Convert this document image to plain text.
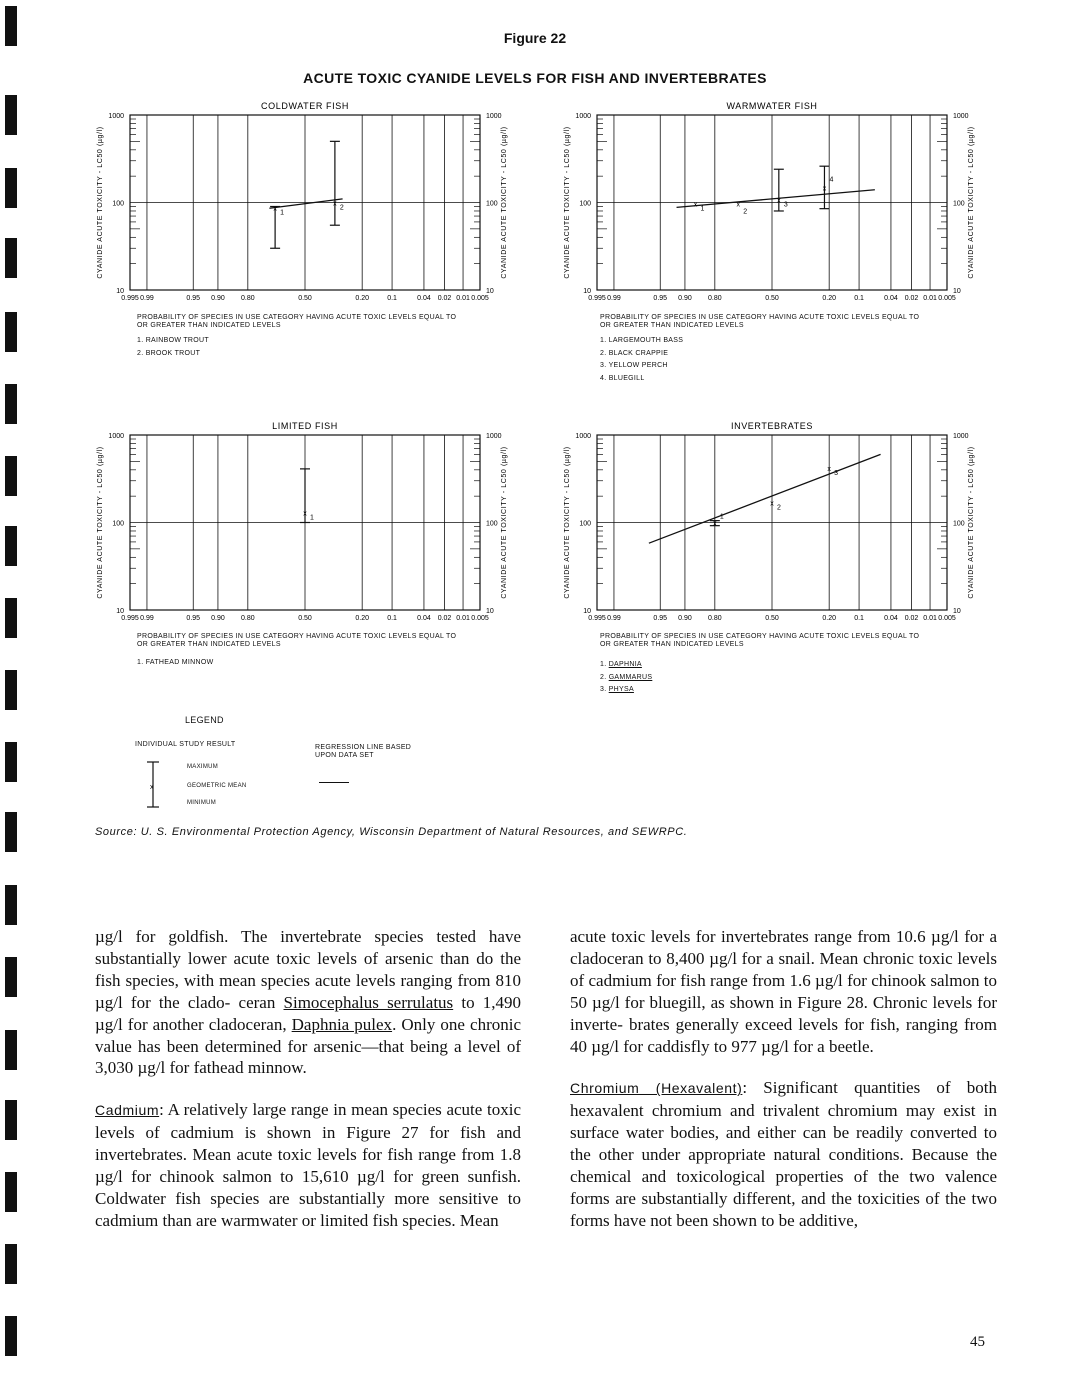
Figure 22
ACUTE TOXIC CYANIDE LEVELS FOR FISH AND INVERTEBRATES
COLDWATER FISH
0.995 0.99	0.95 0.90 0.80	0.50	0.20	0.1	0.04 0.02 0.01 0.005
1000	1000
100	100
10	10
CYANIDE ACUTE TOXICITY - LC50 (µg/l)	CYANIDE ACUTE TOXICITY - LC50 (µg/l)
x
1
x
2
WARMWATER FISH
0.995 0.99	0.95 0.90 0.80	0.50	0.20	0.1	0.04 0.02 0.01 0.005
1000	1000
100	100
10	10
CYANIDE ACUTE TOXICITY - LC50 (µg/l)	CYANIDE ACUTE TOXICITY - LC50 (µg/l)
x
1
x
2
x
3
x
4
LIMITED FISH
0.995 0.99	0.95 0.90 0.80	0.50	0.20	0.1	0.04 0.02 0.01 0.005
1000	1000
100	100
10	10
CYANIDE ACUTE TOXICITY - LC50 (µg/l)	CYANIDE ACUTE TOXICITY - LC50 (µg/l)
x
1
INVERTEBRATES
0.995 0.99	0.95 0.90 0.80	0.50	0.20	0.1	0.04 0.02 0.01 0.005
1000	1000
100	100
10	10
CYANIDE ACUTE TOXICITY - LC50 (µg/l)	CYANIDE ACUTE TOXICITY - LC50 (µg/l)
x
1
x
2
x
3
PROBABILITY OF SPECIES IN USE CATEGORY HAVING ACUTE TOXIC LEVELS EQUAL TO
OR GREATER THAN INDICATED LEVELS
PROBABILITY OF SPECIES IN USE CATEGORY HAVING ACUTE TOXIC LEVELS EQUAL TO
OR GREATER THAN INDICATED LEVELS
PROBABILITY OF SPECIES IN USE CATEGORY HAVING ACUTE TOXIC LEVELS EQUAL TO
OR GREATER THAN INDICATED LEVELS
PROBABILITY OF SPECIES IN USE CATEGORY HAVING ACUTE TOXIC LEVELS EQUAL TO
OR GREATER THAN INDICATED LEVELS
1. RAINBOW TROUT
2. BROOK TROUT
1. LARGEMOUTH BASS
2. BLACK CRAPPIE
3. YELLOW PERCH
4. BLUEGILL
1. FATHEAD MINNOW	1. DAPHNIA
2. GAMMARUS
3. PHYSA
LEGEND
INDIVIDUAL STUDY RESULT
x
MAXIMUM
GEOMETRIC MEAN
MINIMUM
REGRESSION LINE BASED
UPON DATA SET
Source: U. S. Environmental Protection Agency, Wisconsin Department of Natural Resources, and SEWRPC.

µg/l for goldfish. The invertebrate species tested have substantially lower acute toxic levels of arsenic than do the fish species, with mean species acute levels ranging from 810 µg/l for the clado- ceran Simocephalus serrulatus to 1,490 µg/l for another cladoceran, Daphnia pulex. Only one chronic value has been determined for arsenic—that being a level of 3,030 µg/l for fathead minnow.

Cadmium: A relatively large range in mean species acute toxic levels of cadmium is shown in Figure 27 for fish and invertebrates. Mean acute toxic levels for fish range from 1.8 µg/l for chinook salmon to 15,610 µg/l for green sunfish. Coldwater fish species are substantially more sensitive to cadmium than are warmwater or limited fish species. Mean

acute toxic levels for invertebrates range from 10.6 µg/l for a cladoceran to 8,400 µg/l for a snail. Mean chronic toxic levels of cadmium for fish range from 1.6 µg/l for chinook salmon to 50 µg/l for bluegill, as shown in Figure 28. Chronic levels for inverte- brates generally exceed levels for fish, ranging from 40 µg/l for caddisfly to 977 µg/l for a beetle.

Chromium (Hexavalent): Significant quantities of both hexavalent chromium and trivalent chromium may exist in surface water bodies, and either can be readily converted to the other under appropriate natural conditions. Because the chemical and toxicological properties of the two valence forms are substantially different, and the toxicities of the two forms have not been shown to be additive,

45
